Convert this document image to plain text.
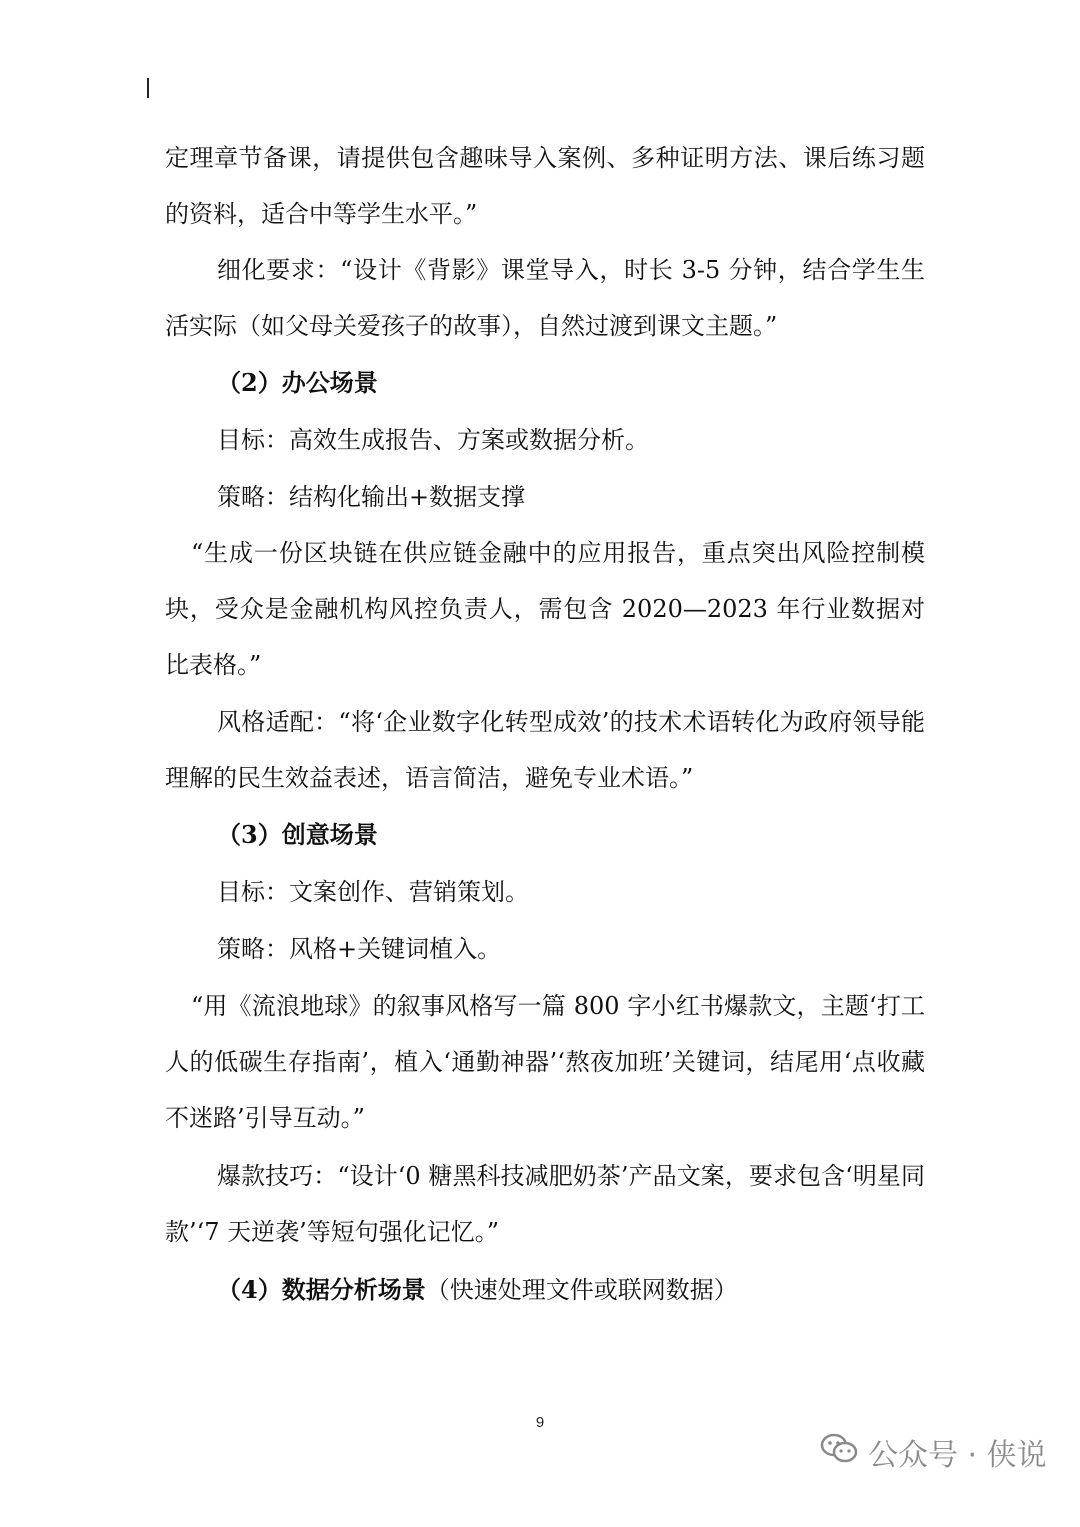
定理章节备课，请提供包含趣味导入案例、多种证明方法、课后练习题的资料，适合中等学生水平。”

细化要求：“设计《背影》课堂导入，时长 3-5 分钟，结合学生生活实际（如父母关爱孩子的故事），自然过渡到课文主题。”

（2）办公场景

目标：高效生成报告、方案或数据分析。

策略：结构化输出+数据支撑

“生成一份区块链在供应链金融中的应用报告，重点突出风险控制模块，受众是金融机构风控负责人，需包含 2020—2023 年行业数据对比表格。”

风格适配：“将‘企业数字化转型成效’的技术术语转化为政府领导能理解的民生效益表述，语言简洁，避免专业术语。”

（3）创意场景

目标：文案创作、营销策划。

策略：风格+关键词植入。

“用《流浪地球》的叙事风格写一篇 800 字小红书爆款文，主题‘打工人的低碳生存指南’，植入‘通勤神器’‘熬夜加班’关键词，结尾用‘点收藏不迷路’引导互动。”

爆款技巧：“设计‘0 糖黑科技减肥奶茶’产品文案，要求包含‘明星同款’‘7 天逆袭’等短句强化记忆。”

（4）数据分析场景（快速处理文件或联网数据）

9
公众号 · 侠说
